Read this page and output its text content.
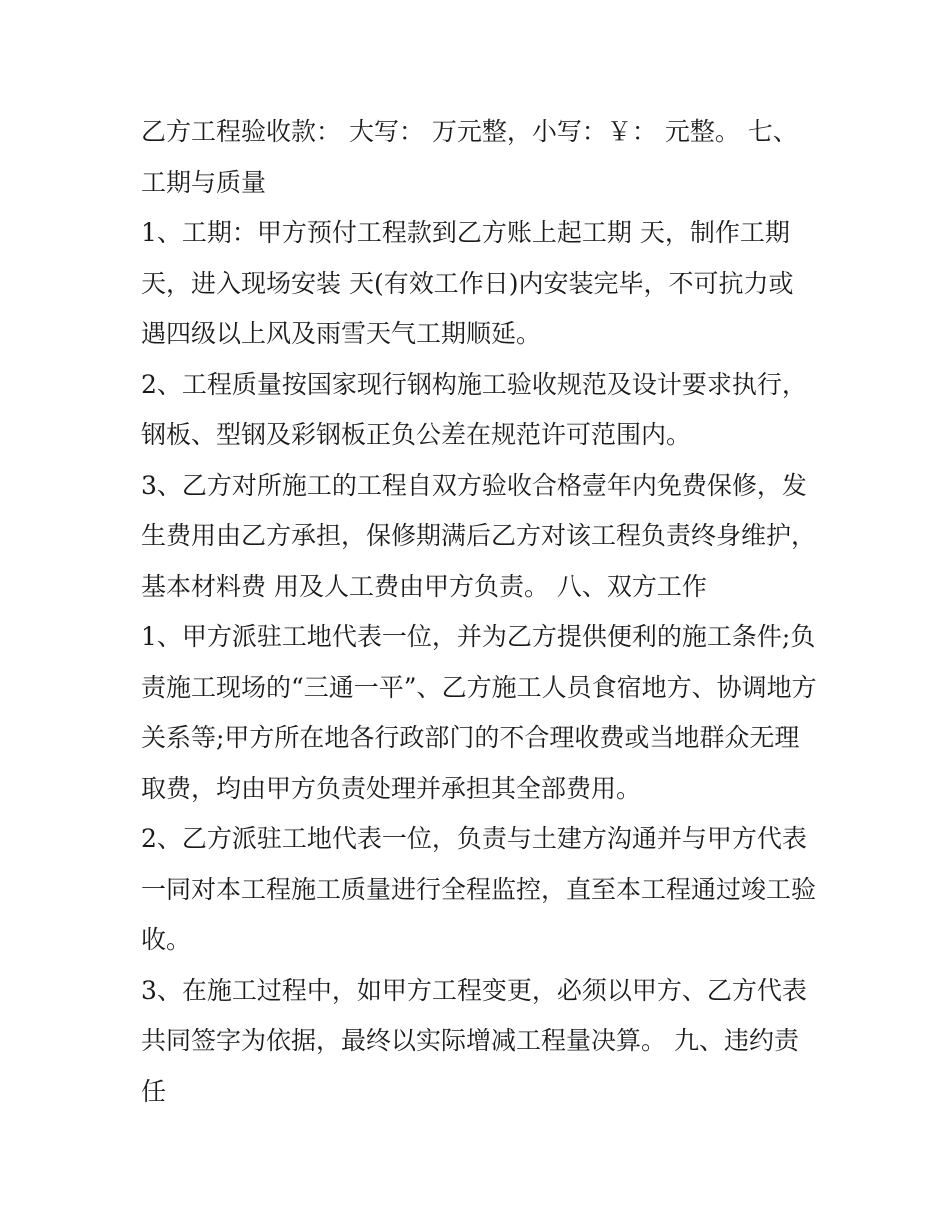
乙方工程验收款： 大写： 万元整，小写：￥： 元整。 七、
工期与质量
1、工期：甲方预付工程款到乙方账上起工期 天，制作工期
天，进入现场安装 天(有效工作日)内安装完毕，不可抗力或
遇四级以上风及雨雪天气工期顺延。
2、工程质量按国家现行钢构施工验收规范及设计要求执行，
钢板、型钢及彩钢板正负公差在规范许可范围内。
3、乙方对所施工的工程自双方验收合格壹年内免费保修，发
生费用由乙方承担，保修期满后乙方对该工程负责终身维护，
基本材料费 用及人工费由甲方负责。 八、双方工作
1、甲方派驻工地代表一位，并为乙方提供便利的施工条件;负
责施工现场的“三通一平”、乙方施工人员食宿地方、协调地方
关系等;甲方所在地各行政部门的不合理收费或当地群众无理
取费，均由甲方负责处理并承担其全部费用。
2、乙方派驻工地代表一位，负责与土建方沟通并与甲方代表
一同对本工程施工质量进行全程监控，直至本工程通过竣工验
收。
3、在施工过程中，如甲方工程变更，必须以甲方、乙方代表
共同签字为依据，最终以实际增减工程量决算。 九、违约责
任
